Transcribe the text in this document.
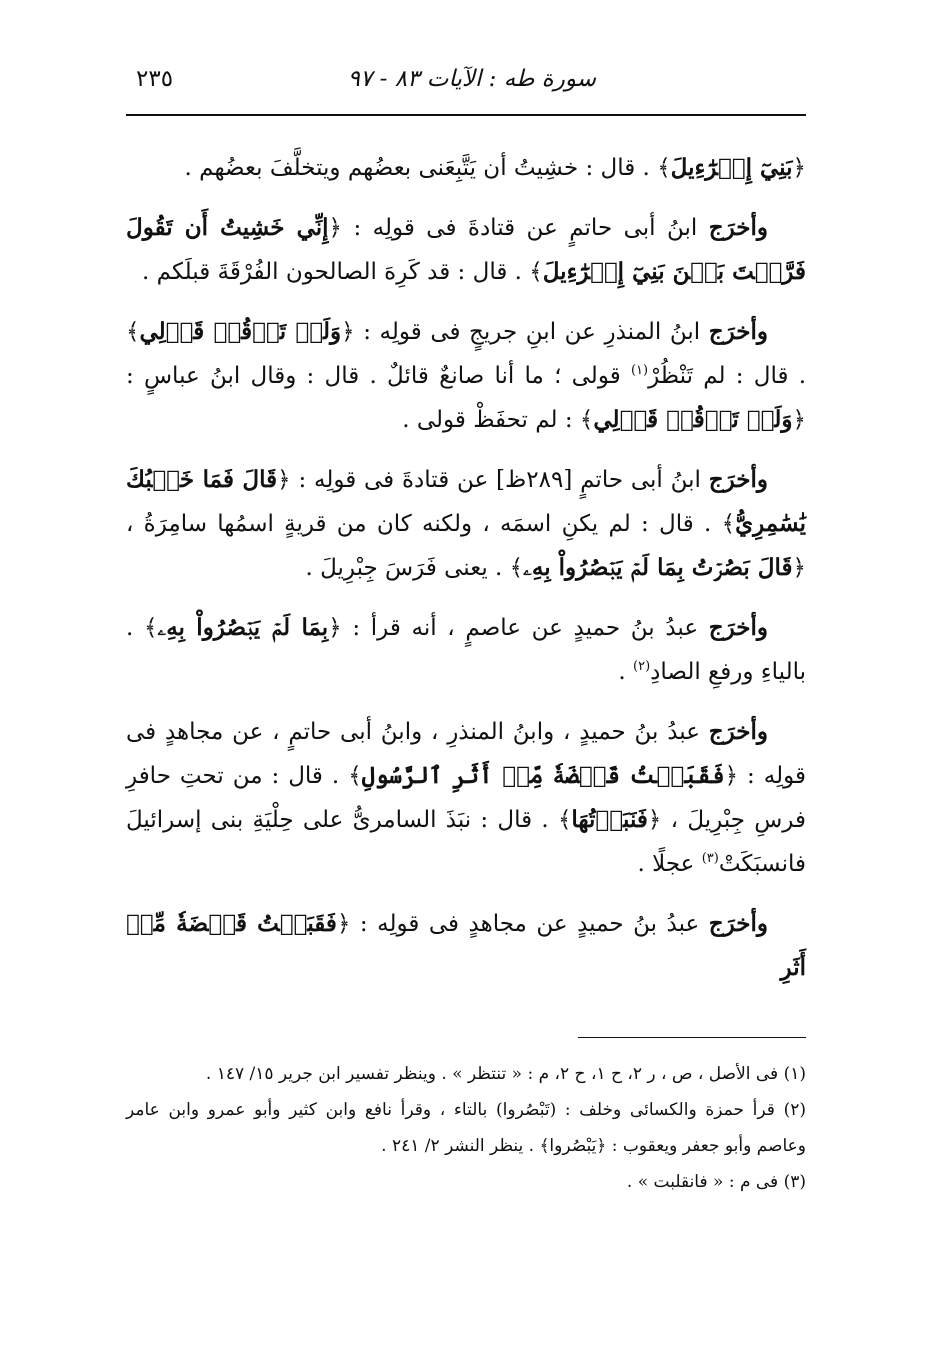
سورة طه : الآيات ٨٣ - ٩٧
٢٣٥

﴿بَنِيٓ إِسۡرَٰٓءِيلَ﴾ . قال : خشِيتُ أن يَتَّبِعَنى بعضُهم ويتخلَّفَ بعضُهم .

وأخرَج ابنُ أبى حاتمٍ عن قتادةَ فى قولِه : ﴿إِنِّي خَشِيتُ أَن تَقُولَ فَرَّقۡتَ بَيۡنَ بَنِيٓ إِسۡرَٰٓءِيلَ﴾ . قال : قد كَرِهَ الصالحون الفُرْقَةَ قبلَكم .

وأخرَج ابنُ المنذرِ عن ابنِ جريجٍ فى قولِه : ﴿وَلَمۡ تَرۡقُبۡ قَوۡلِي﴾ . قال : لم تَنْظُرْ$^{(١)}$ قولى ؛ ما أنا صانعٌ قائلٌ . قال : وقال ابنُ عباسٍ : ﴿وَلَمۡ تَرۡقُبۡ قَوۡلِي﴾ : لم تحفَظْ قولى .

وأخرَج ابنُ أبى حاتمٍ [٢٨٩ظ] عن قتادةَ فى قولِه : ﴿قَالَ فَمَا خَطۡبُكَ يَٰسَٰمِرِيُّ﴾ . قال : لم يكنِ اسمَه ، ولكنه كان من قريةٍ اسمُها سامِرَةُ ، ﴿قَالَ بَصُرۡتُ بِمَا لَمۡ يَبۡصُرُواْ بِهِۦ﴾ . يعنى فَرَسَ جِبْرِيلَ .

وأخرَج عبدُ بنُ حميدٍ عن عاصمٍ ، أنه قرأ : ﴿بِمَا لَمۡ يَبۡصُرُواْ بِهِۦ﴾ . بالياءِ ورفعِ الصادِ$^{(٢)}$ .

وأخرَج عبدُ بنُ حميدٍ ، وابنُ المنذرِ ، وابنُ أبى حاتمٍ ، عن مجاهدٍ فى قولِه : ﴿فَقَبَضۡتُ قَبۡضَةٗ مِّنۡ أَثَرِ ٱلرَّسُولِ﴾ . قال : من تحتِ حافرِ فرسِ جِبْرِيلَ ، ﴿فَنَبَذۡتُهَا﴾ . قال : نبَذَ السامرىُّ على حِلْيَةِ بنى إسرائيلَ فانسبَكَتْ$^{(٣)}$ عجلًا .

وأخرَج عبدُ بنُ حميدٍ عن مجاهدٍ فى قولِه : ﴿فَقَبَضۡتُ قَبۡضَةٗ مِّنۡ أَثَرِ

(١) فى الأصل ، ص ، ر ٢، ح ١، ح ٢، م : « تنتظر » . وينظر تفسير ابن جرير ١٥/ ١٤٧ .

(٢) قرأ حمزة والكسائى وخلف : (تَبْصُروا) بالتاء ، وقرأ نافع وابن كثير وأبو عمرو وابن عامر وعاصم وأبو جعفر ويعقوب : ﴿يَبْصُروا﴾ . ينظر النشر ٢/ ٢٤١ .

(٣) فى م : « فانقلبت » .
